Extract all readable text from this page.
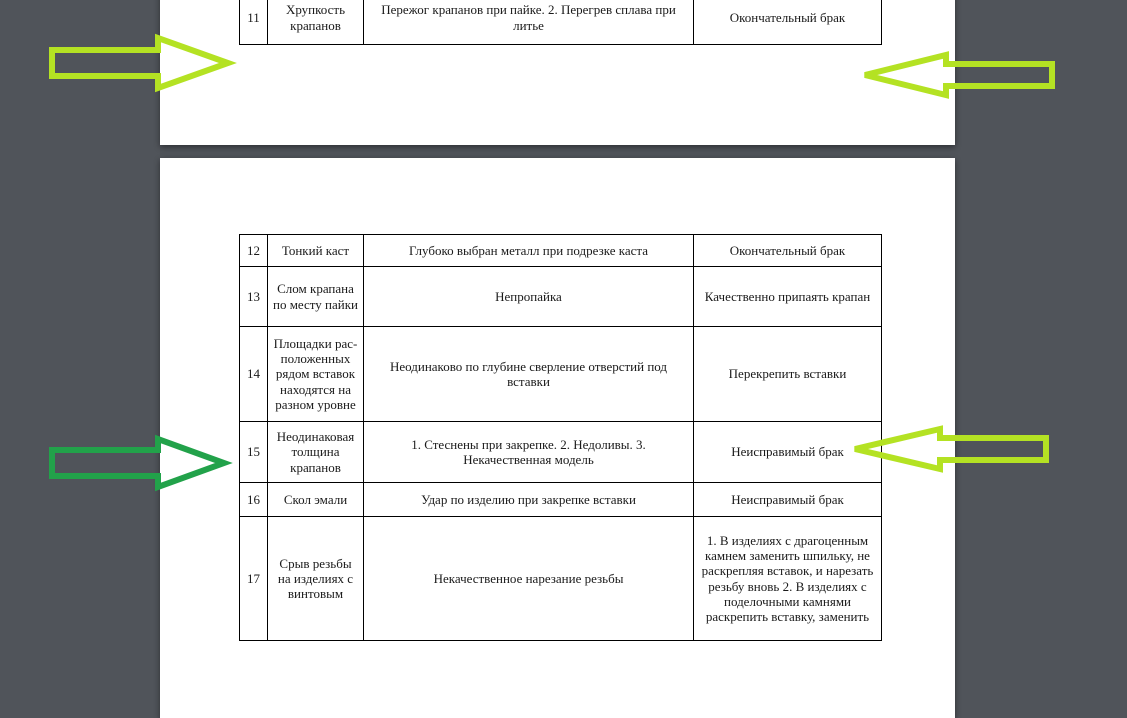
11	Хрупкость крапанов	Пережог крапанов при пайке. 2. Перегрев сплава при литье	Окончательный брак
12	Тонкий каст	Глубоко выбран металл при подрезке каста	Окончательный брак
13	Слом крапана по месту пайки	Непропайка	Качественно припаять крапан
14	Площадки рас-положенных рядом вставок находятся на разном уровне	Неодинаково по глубине сверление отверстий под вставки	Перекрепить вставки
15	Неодинаковая толщина крапанов	1. Стеснены при закрепке. 2. Недоливы. 3. Некачественная модель	Неисправимый брак
16	Скол эмали	Удар по изделию при закрепке вставки	Неисправимый брак
17	Срыв резьбы на изделиях с винтовым	Некачественное нарезание резьбы	1. В изделиях с драгоценным камнем заменить шпильку, не раскрепляя вставок, и нарезать резьбу вновь 2. В изделиях с поделочными камнями раскрепить вставку, заменить
